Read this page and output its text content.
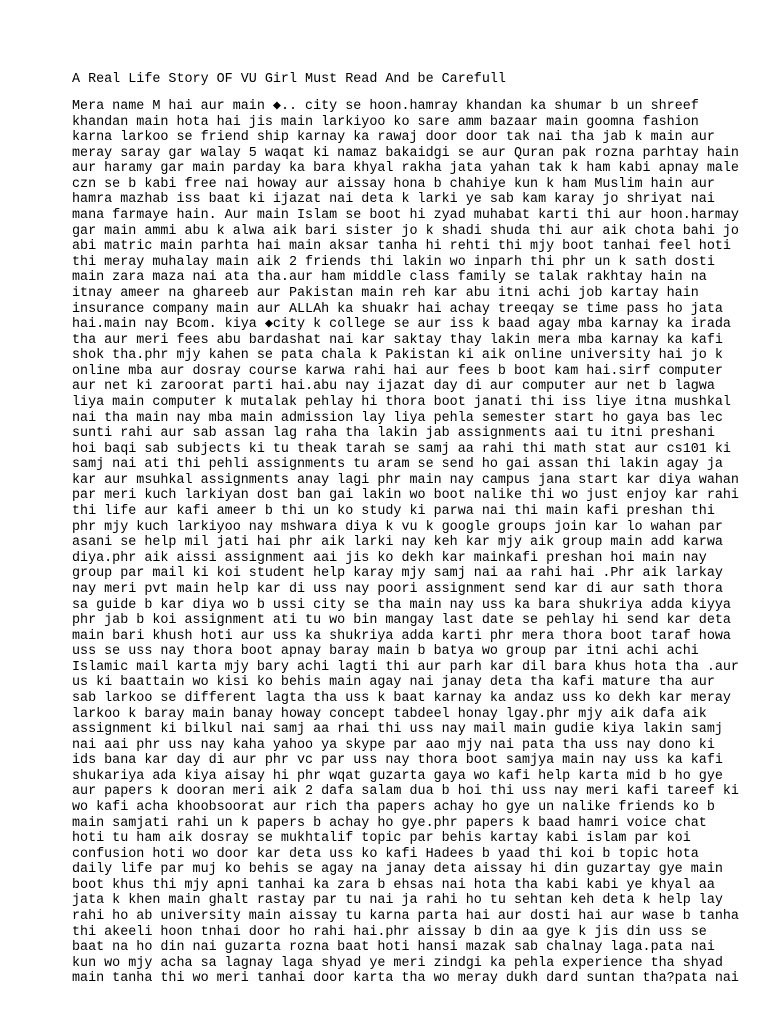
A Real Life Story OF VU Girl Must Read And be Carefull
Mera name M hai aur main ◆.. city se hoon.hamray khandan ka shumar b un shreef
khandan main hota hai jis main larkiyoo ko sare amm bazaar main goomna fashion
karna larkoo se friend ship karnay ka rawaj door door tak nai tha jab k main aur
meray saray gar walay 5 waqat ki namaz bakaidgi se aur Quran pak rozna parhtay hain
aur haramy gar main parday ka bara khyal rakha jata yahan tak k ham kabi apnay male
czn se b kabi free nai howay aur aissay hona b chahiye kun k ham Muslim hain aur
hamra mazhab iss baat ki ijazat nai deta k larki ye sab kam karay jo shriyat nai
mana farmaye hain. Aur main Islam se boot hi zyad muhabat karti thi aur hoon.harmay
gar main ammi abu k alwa aik bari sister jo k shadi shuda thi aur aik chota bahi jo
abi matric main parhta hai main aksar tanha hi rehti thi mjy boot tanhai feel hoti
thi meray muhalay main aik 2 friends thi lakin wo inparh thi phr un k sath dosti
main zara maza nai ata tha.aur ham middle class family se talak rakhtay hain na
itnay ameer na ghareeb aur Pakistan main reh kar abu itni achi job kartay hain
insurance company main aur ALLAh ka shuakr hai achay treeqay se time pass ho jata
hai.main nay Bcom. kiya ◆city k college se aur iss k baad agay mba karnay ka irada
tha aur meri fees abu bardashat nai kar saktay thay lakin mera mba karnay ka kafi
shok tha.phr mjy kahen se pata chala k Pakistan ki aik online university hai jo k
online mba aur dosray course karwa rahi hai aur fees b boot kam hai.sirf computer
aur net ki zaroorat parti hai.abu nay ijazat day di aur computer aur net b lagwa
liya main computer k mutalak pehlay hi thora boot janati thi iss liye itna mushkal
nai tha main nay mba main admission lay liya pehla semester start ho gaya bas lec
sunti rahi aur sab assan lag raha tha lakin jab assignments aai tu itni preshani
hoi baqi sab subjects ki tu theak tarah se samj aa rahi thi math stat aur cs101 ki
samj nai ati thi pehli assignments tu aram se send ho gai assan thi lakin agay ja
kar aur msuhkal assignments anay lagi phr main nay campus jana start kar diya wahan
par meri kuch larkiyan dost ban gai lakin wo boot nalike thi wo just enjoy kar rahi
thi life aur kafi ameer b thi un ko study ki parwa nai thi main kafi preshan thi
phr mjy kuch larkiyoo nay mshwara diya k vu k google groups join kar lo wahan par
asani se help mil jati hai phr aik larki nay keh kar mjy aik group main add karwa
diya.phr aik aissi assignment aai jis ko dekh kar mainkafi preshan hoi main nay
group par mail ki koi student help karay mjy samj nai aa rahi hai .Phr aik larkay
nay meri pvt main help kar di uss nay poori assignment send kar di aur sath thora
sa guide b kar diya wo b ussi city se tha main nay uss ka bara shukriya adda kiyya
phr jab b koi assignment ati tu wo bin mangay last date se pehlay hi send kar deta
main bari khush hoti aur uss ka shukriya adda karti phr mera thora boot taraf howa
uss se uss nay thora boot apnay baray main b batya wo group par itni achi achi
Islamic mail karta mjy bary achi lagti thi aur parh kar dil bara khus hota tha .aur
us ki baattain wo kisi ko behis main agay nai janay deta tha kafi mature tha aur
sab larkoo se different lagta tha uss k baat karnay ka andaz uss ko dekh kar meray
larkoo k baray main banay howay concept tabdeel honay lgay.phr mjy aik dafa aik
assignment ki bilkul nai samj aa rhai thi uss nay mail main gudie kiya lakin samj
nai aai phr uss nay kaha yahoo ya skype par aao mjy nai pata tha uss nay dono ki
ids bana kar day di aur phr vc par uss nay thora boot samjya main nay uss ka kafi
shukariya ada kiya aisay hi phr wqat guzarta gaya wo kafi help karta mid b ho gye
aur papers k dooran meri aik 2 dafa salam dua b hoi thi uss nay meri kafi tareef ki
wo kafi acha khoobsoorat aur rich tha papers achay ho gye un nalike friends ko b
main samjati rahi un k papers b achay ho gye.phr papers k baad hamri voice chat
hoti tu ham aik dosray se mukhtalif topic par behis kartay kabi islam par koi
confusion hoti wo door kar deta uss ko kafi Hadees b yaad thi koi b topic hota
daily life par muj ko behis se agay na janay deta aissay hi din guzartay gye main
boot khus thi mjy apni tanhai ka zara b ehsas nai hota tha kabi kabi ye khyal aa
jata k khen main ghalt rastay par tu nai ja rahi ho tu sehtan keh deta k help lay
rahi ho ab university main aissay tu karna parta hai aur dosti hai aur wase b tanha
thi akeeli hoon tnhai door ho rahi hai.phr aissay b din aa gye k jis din uss se
baat na ho din nai guzarta rozna baat hoti hansi mazak sab chalnay laga.pata nai
kun wo mjy acha sa lagnay laga shyad ye meri zindgi ka pehla experience tha shyad
main tanha thi wo meri tanhai door karta tha wo meray dukh dard suntan tha?pata nai
